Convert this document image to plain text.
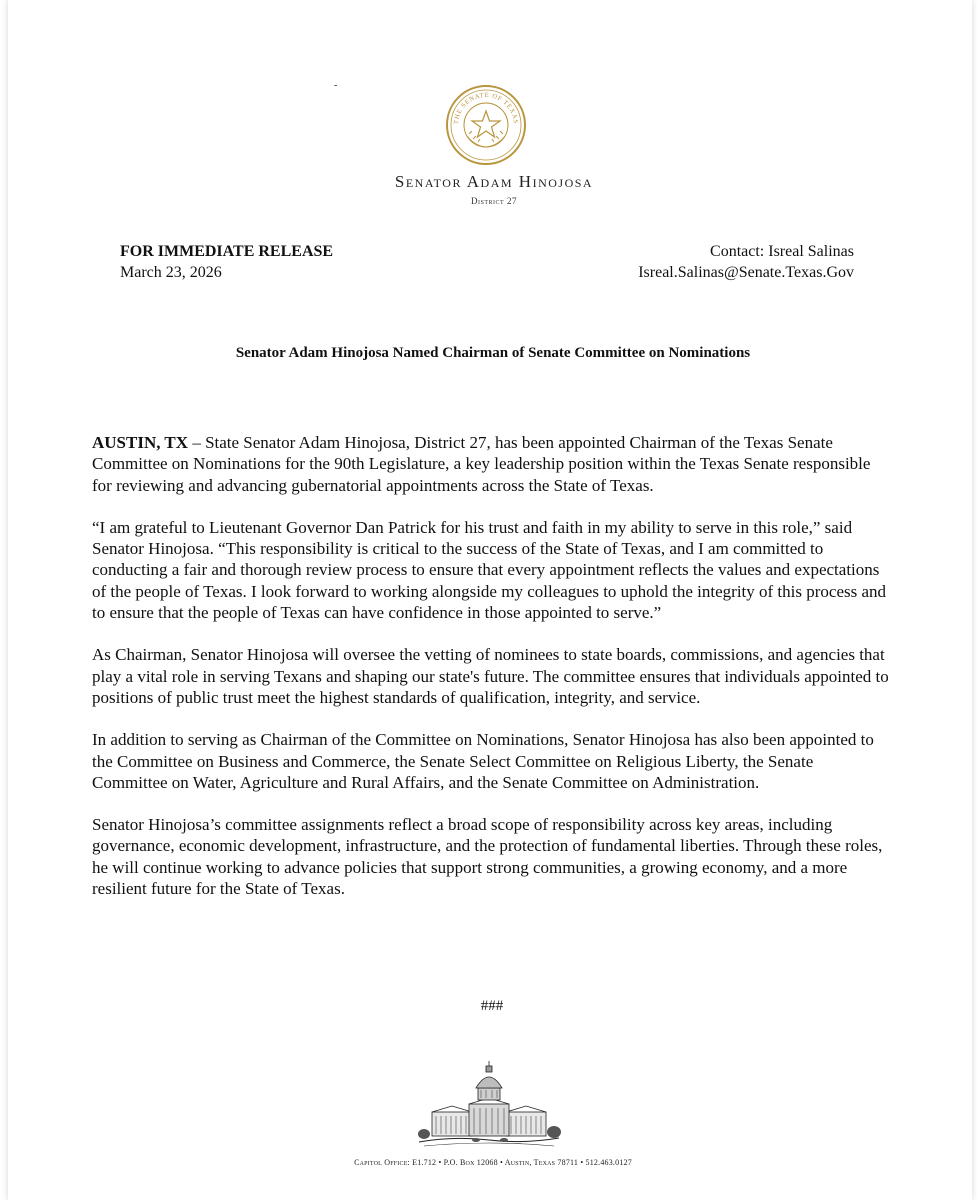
-
THE SENATE OF TEXAS
Senator Adam Hinojosa
District 27
FOR IMMEDIATE RELEASE
March 23, 2026
Contact: Isreal Salinas
Isreal.Salinas@Senate.Texas.Gov
Senator Adam Hinojosa Named Chairman of Senate Committee on Nominations

AUSTIN, TX – State Senator Adam Hinojosa, District 27, has been appointed Chairman of the Texas Senate Committee on Nominations for the 90th Legislature, a key leadership position within the Texas Senate responsible for reviewing and advancing gubernatorial appointments across the State of Texas.

“I am grateful to Lieutenant Governor Dan Patrick for his trust and faith in my ability to serve in this role,” said Senator Hinojosa. “This responsibility is critical to the success of the State of Texas, and I am committed to conducting a fair and thorough review process to ensure that every appointment reflects the values and expectations of the people of Texas. I look forward to working alongside my colleagues to uphold the integrity of this process and to ensure that the people of Texas can have confidence in those appointed to serve.”

As Chairman, Senator Hinojosa will oversee the vetting of nominees to state boards, commissions, and agencies that play a vital role in serving Texans and shaping our state's future. The committee ensures that individuals appointed to positions of public trust meet the highest standards of qualification, integrity, and service.

In addition to serving as Chairman of the Committee on Nominations, Senator Hinojosa has also been appointed to the Committee on Business and Commerce, the Senate Select Committee on Religious Liberty, the Senate Committee on Water, Agriculture and Rural Affairs, and the Senate Committee on Administration.

Senator Hinojosa’s committee assignments reflect a broad scope of responsibility across key areas, including governance, economic development, infrastructure, and the protection of fundamental liberties. Through these roles, he will continue working to advance policies that support strong communities, a growing economy, and a more resilient future for the State of Texas.

###
Capitol Office: E1.712 • P.O. Box 12068 • Austin, Texas 78711 • 512.463.0127
